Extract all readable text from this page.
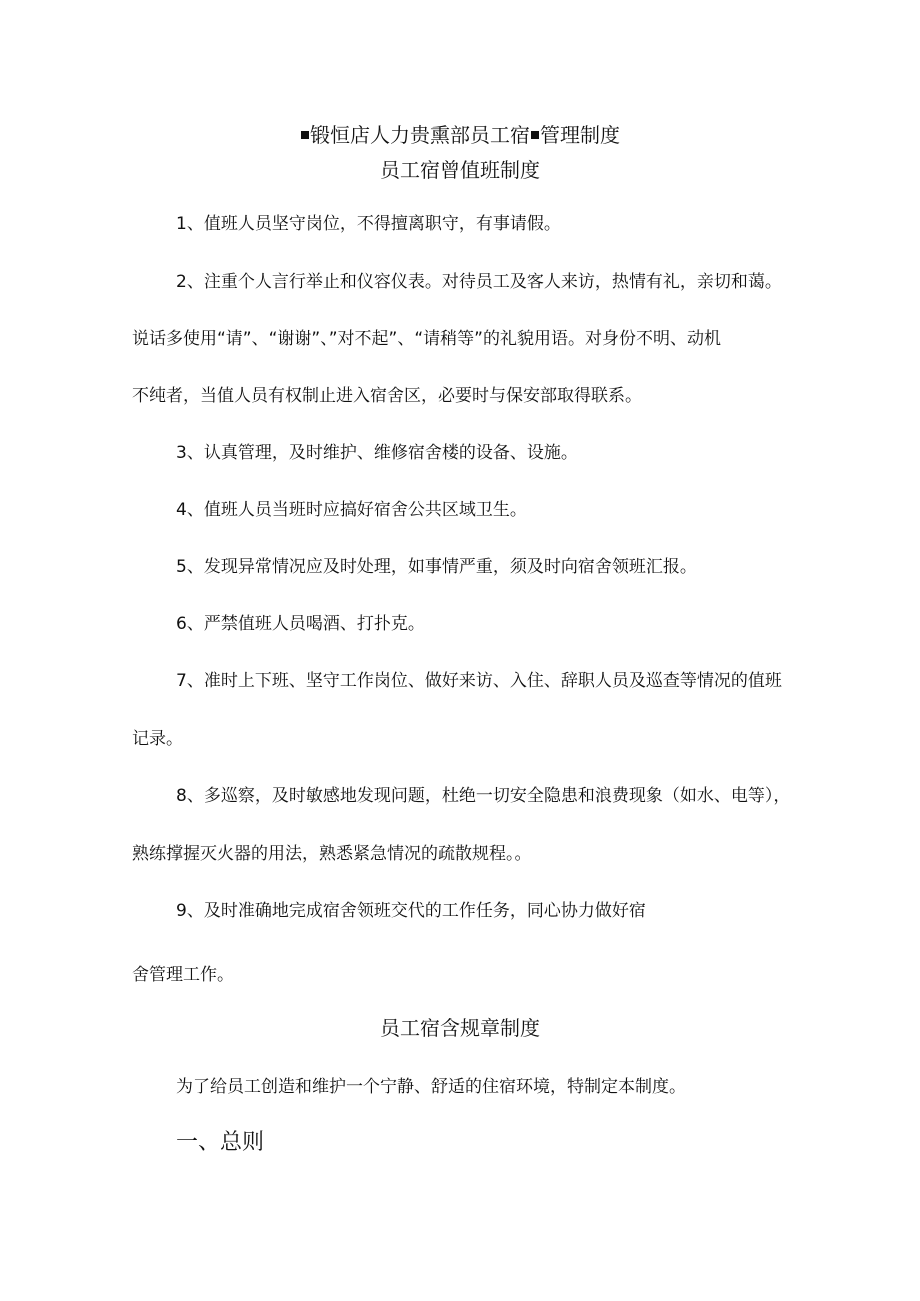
锻恒店人力贵熏部员工宿 管理制度
员工宿曾值班制度
1、值班人员坚守岗位，不得擅离职守，有事请假。
2、注重个人言行举止和仪容仪表。对待员工及客人来访，热情有礼，亲切和蔼。
说话多使用“请”、“谢谢”、”对不起”、“请稍等”的礼貌用语。对身份不明、动机
不纯者，当值人员有权制止进入宿舍区，必要时与保安部取得联系。
3、认真管理，及时维护、维修宿舍楼的设备、设施。
4、值班人员当班时应搞好宿舍公共区域卫生。
5、发现异常情况应及时处理，如事情严重，须及时向宿舍领班汇报。
6、严禁值班人员喝酒、打扑克。
7、准时上下班、坚守工作岗位、做好来访、入住、辞职人员及巡查等情况的值班
记录。
8、多巡察，及时敏感地发现问题，杜绝一切安全隐患和浪费现象（如水、电等），
熟练撑握灭火器的用法，熟悉紧急情况的疏散规程。。
9、及时准确地完成宿舍领班交代的工作任务，同心协力做好宿
舍管理工作。
员工宿含规章制度
为了给员工创造和维护一个宁静、舒适的住宿环境，特制定本制度。
一、总则
